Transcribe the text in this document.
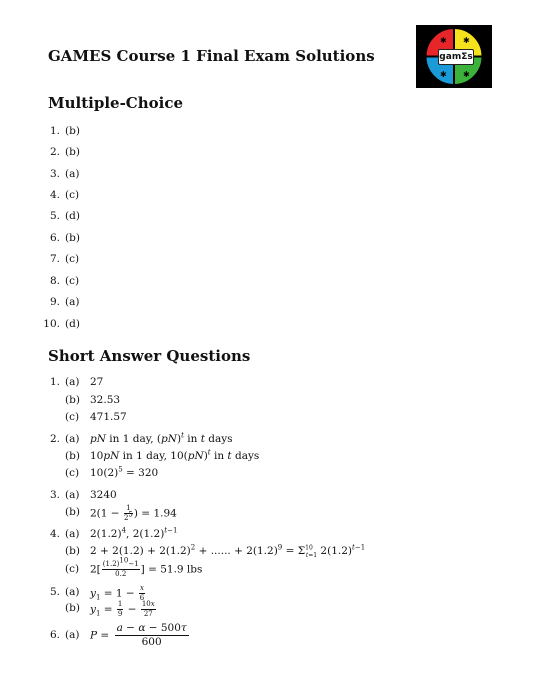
GAMES Course 1 Final Exam Solutions
✱ ✱
✱ ✱
gamΣs
Multiple-Choice
1. (b)
2. (b)
3. (a)
4. (c)
5. (d)
6. (b)
7. (c)
8. (c)
9. (a)
10. (d)
Short Answer Questions
1. (a) 27
(b) 32.53
(c) 471.57
2. (a) pN in 1 day, (pN)$^t$ in t days
(b) 10pN in 1 day, 10(pN)$^t$ in t days
(c) $10(2)^5 = 320$
3. (a) 3240
(b) $2(1 - \frac{1}{2^5}$ ) = 1.94
4. (a) $2(1.2)^4$, $2(1.2)^{t-1}$
(b) $2 + 2(1.2) + 2(1.2)^2$ + ...... + $2(1.2)^9 = \Sigma^{10}_{t=1}$ $2(1.2)^{t-1}$
(c) $2[ \frac{(1.2)^{10}-1}{0.2}$ ] = 51.9 lbs
5. (a) $y_1 = 1 - \frac{x}{6}$
(b) $y_1 = \frac{1}{9} - \frac{10x}{27}$
6. (a) $P = \frac{a - \alpha - 500\tau}{600}$
